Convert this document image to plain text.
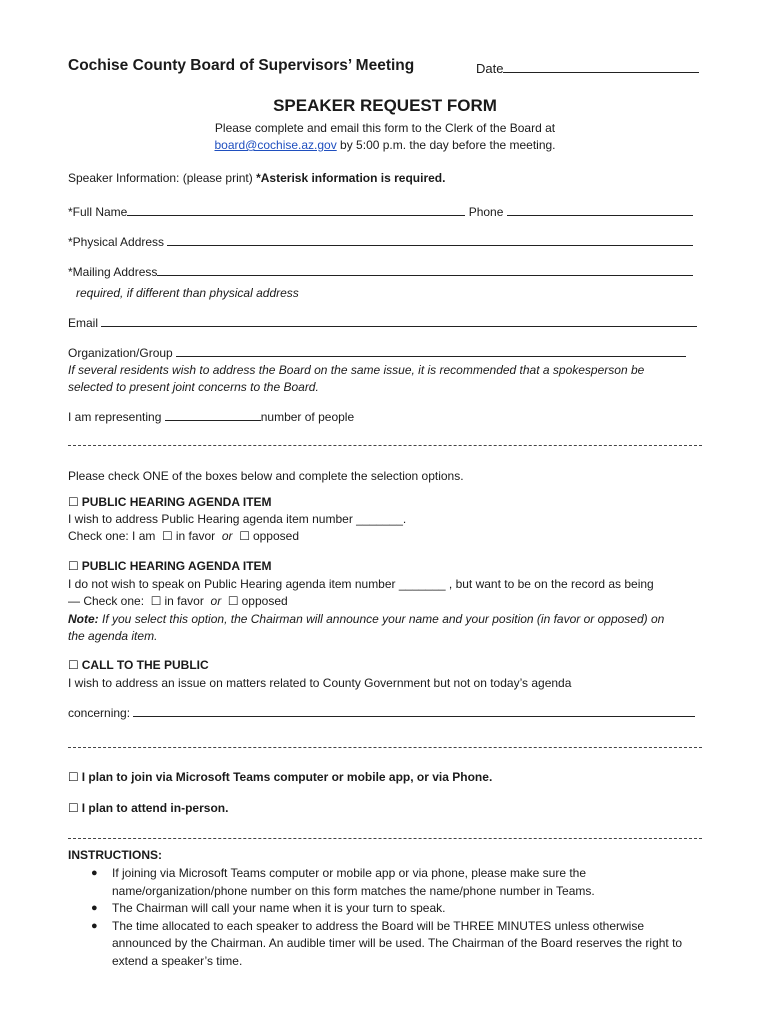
Cochise County Board of Supervisors’ Meeting	Date
SPEAKER REQUEST FORM
Please complete and email this form to the Clerk of the Board at
board@cochise.az.gov by 5:00 p.m. the day before the meeting.
Speaker Information: (please print) *Asterisk information is required.
*Full Name	Phone
*Physical Address
*Mailing Address
required, if different than physical address
Email
Organization/Group
If several residents wish to address the Board on the same issue, it is recommended that a spokesperson be
selected to present joint concerns to the Board.
I am representing	number of people
Please check ONE of the boxes below and complete the selection options.
☐ PUBLIC HEARING AGENDA ITEM
I wish to address Public Hearing agenda item number _______.
Check one: I am ☐ in favor or ☐ opposed
☐ PUBLIC HEARING AGENDA ITEM
I do not wish to speak on Public Hearing agenda item number _______ , but want to be on the record as being
— Check one: ☐ in favor or ☐ opposed
Note: If you select this option, the Chairman will announce your name and your position (in favor or opposed) on
the agenda item.
☐ CALL TO THE PUBLIC
I wish to address an issue on matters related to County Government but not on today’s agenda
concerning:
☐ I plan to join via Microsoft Teams computer or mobile app, or via Phone.
☐ I plan to attend in-person.
INSTRUCTIONS:
● If joining via Microsoft Teams computer or mobile app or via phone, please make sure the name/organization/phone number on this form matches the name/phone number in Teams.
● The Chairman will call your name when it is your turn to speak.
● The time allocated to each speaker to address the Board will be THREE MINUTES unless otherwise announced by the Chairman. An audible timer will be used. The Chairman of the Board reserves the right to extend a speaker’s time.
